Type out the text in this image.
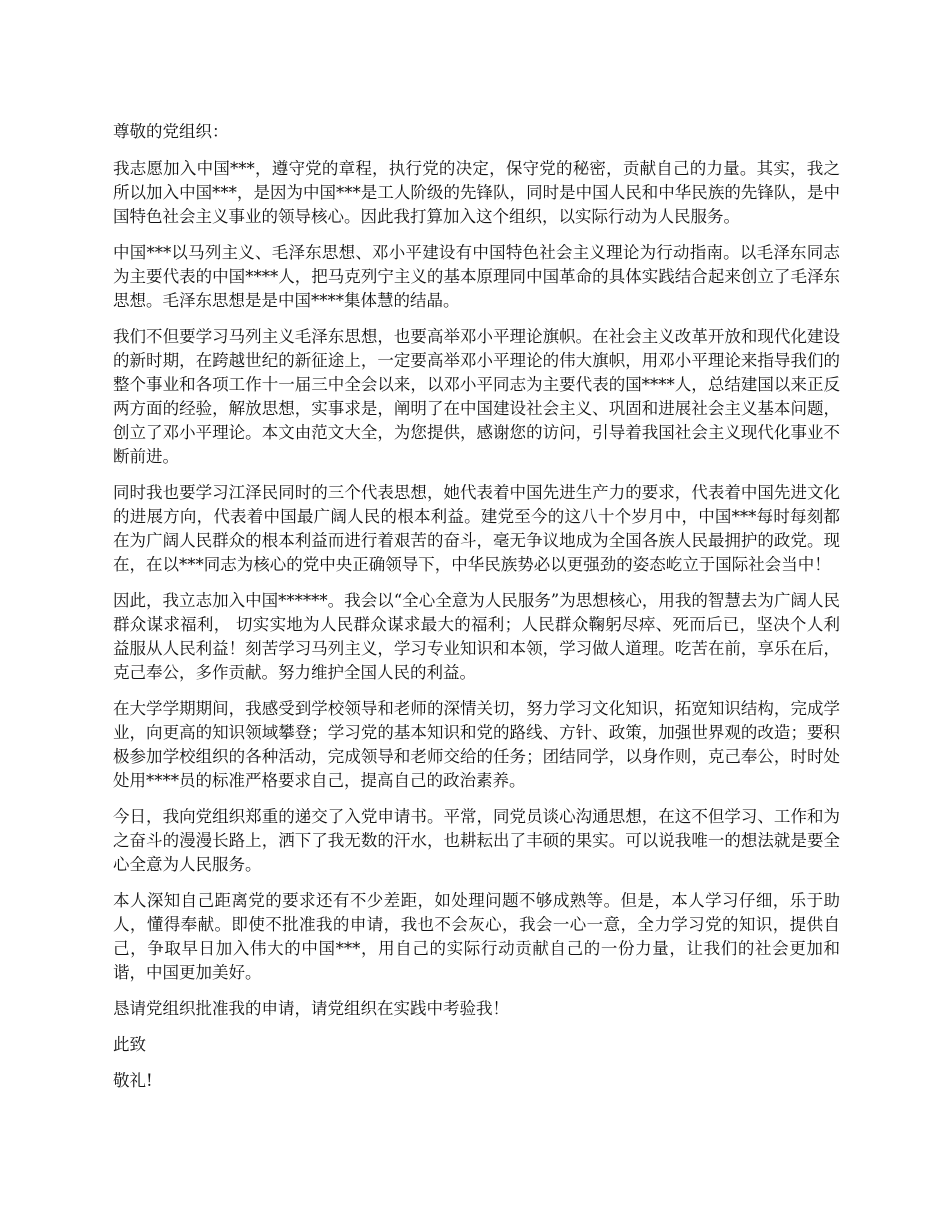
尊敬的党组织：

我志愿加入中国***，遵守党的章程，执行党的决定，保守党的秘密，贡献自己的力量。其实，我之所以加入中国***，是因为中国***是工人阶级的先锋队，同时是中国人民和中华民族的先锋队，是中国特色社会主义事业的领导核心。因此我打算加入这个组织，以实际行动为人民服务。

中国***以马列主义、毛泽东思想、邓小平建设有中国特色社会主义理论为行动指南。以毛泽东同志为主要代表的中国****人，把马克列宁主义的基本原理同中国革命的具体实践结合起来创立了毛泽东思想。毛泽东思想是是中国****集体慧的结晶。

我们不但要学习马列主义毛泽东思想，也要高举邓小平理论旗帜。在社会主义改革开放和现代化建设的新时期，在跨越世纪的新征途上，一定要高举邓小平理论的伟大旗帜，用邓小平理论来指导我们的整个事业和各项工作十一届三中全会以来，以邓小平同志为主要代表的国****人，总结建国以来正反两方面的经验，解放思想，实事求是，阐明了在中国建设社会主义、巩固和进展社会主义基本问题，创立了邓小平理论。本文由范文大全，为您提供，感谢您的访问，引导着我国社会主义现代化事业不断前进。

同时我也要学习江泽民同时的三个代表思想，她代表着中国先进生产力的要求，代表着中国先进文化的进展方向，代表着中国最广阔人民的根本利益。建党至今的这八十个岁月中，中国***每时每刻都在为广阔人民群众的根本利益而进行着艰苦的奋斗，毫无争议地成为全国各族人民最拥护的政党。现在，在以***同志为核心的党中央正确领导下，中华民族势必以更强劲的姿态屹立于国际社会当中！

因此，我立志加入中国******。我会以“全心全意为人民服务”为思想核心，用我的智慧去为广阔人民群众谋求福利， 切实实地为人民群众谋求最大的福利；人民群众鞠躬尽瘁、死而后已，坚决个人利益服从人民利益！刻苦学习马列主义，学习专业知识和本领，学习做人道理。吃苦在前，享乐在后，克己奉公，多作贡献。努力维护全国人民的利益。

在大学学期期间，我感受到学校领导和老师的深情关切，努力学习文化知识，拓宽知识结构，完成学业，向更高的知识领域攀登；学习党的基本知识和党的路线、方针、政策，加强世界观的改造；要积极参加学校组织的各种活动，完成领导和老师交给的任务；团结同学，以身作则，克己奉公，时时处处用****员的标准严格要求自己，提高自己的政治素养。

今日，我向党组织郑重的递交了入党申请书。平常，同党员谈心沟通思想，在这不但学习、工作和为之奋斗的漫漫长路上，洒下了我无数的汗水，也耕耘出了丰硕的果实。可以说我唯一的想法就是要全心全意为人民服务。

本人深知自己距离党的要求还有不少差距，如处理问题不够成熟等。但是，本人学习仔细，乐于助人，懂得奉献。即使不批准我的申请，我也不会灰心，我会一心一意，全力学习党的知识，提供自己，争取早日加入伟大的中国***，用自己的实际行动贡献自己的一份力量，让我们的社会更加和谐，中国更加美好。

恳请党组织批准我的申请，请党组织在实践中考验我！

此致

敬礼!
